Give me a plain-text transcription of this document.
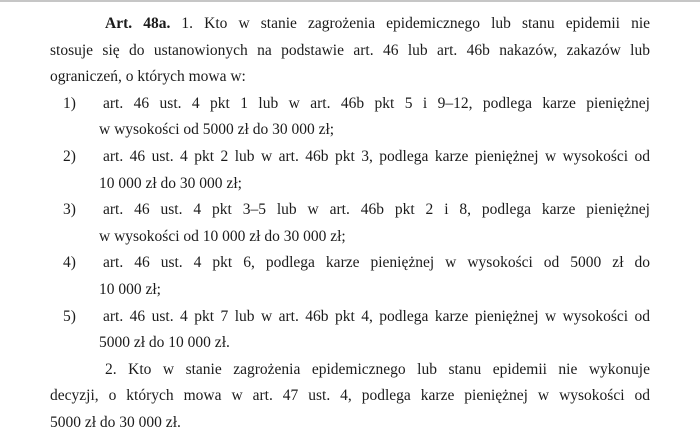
Art. 48a. 1. Kto w stanie zagrożenia epidemicznego lub stanu epidemii nie
stosuje się do ustanowionych na podstawie art. 46 lub art. 46b nakazów, zakazów lub
ograniczeń, o których mowa w:
1) art. 46 ust. 4 pkt 1 lub w art. 46b pkt 5 i 9–12, podlega karze pieniężnej
w wysokości od 5000 zł do 30 000 zł;
2) art. 46 ust. 4 pkt 2 lub w art. 46b pkt 3, podlega karze pieniężnej w wysokości od
10 000 zł do 30 000 zł;
3) art. 46 ust. 4 pkt 3–5 lub w art. 46b pkt 2 i 8, podlega karze pieniężnej
w wysokości od 10 000 zł do 30 000 zł;
4) art. 46 ust. 4 pkt 6, podlega karze pieniężnej w wysokości od 5000 zł do
10 000 zł;
5) art. 46 ust. 4 pkt 7 lub w art. 46b pkt 4, podlega karze pieniężnej w wysokości od
5000 zł do 10 000 zł.
2. Kto w stanie zagrożenia epidemicznego lub stanu epidemii nie wykonuje
decyzji, o których mowa w art. 47 ust. 4, podlega karze pieniężnej w wysokości od
5000 zł do 30 000 zł.
